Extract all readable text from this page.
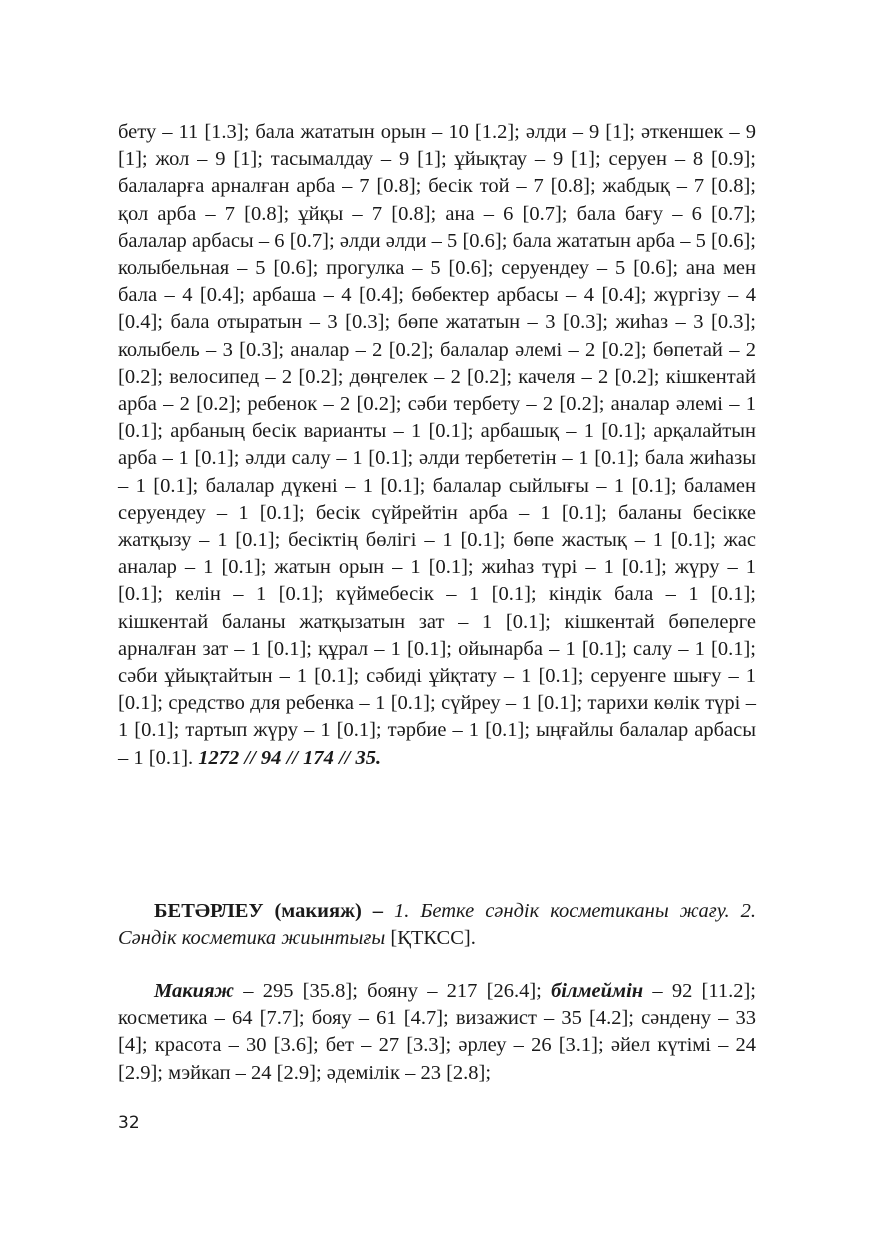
бету – 11 [1.3]; бала жататын орын – 10 [1.2]; әлди – 9 [1]; әткеншек – 9 [1]; жол – 9 [1]; тасымалдау – 9 [1]; ұйықтау – 9 [1]; серуен – 8 [0.9]; балаларға арналған арба – 7 [0.8]; бесік той – 7 [0.8]; жабдық – 7 [0.8]; қол арба – 7 [0.8]; ұйқы – 7 [0.8]; ана – 6 [0.7]; бала бағу – 6 [0.7]; балалар арбасы – 6 [0.7]; әлди әлди – 5 [0.6]; бала жататын арба – 5 [0.6]; колыбельная – 5 [0.6]; прогулка – 5 [0.6]; серуендеу – 5 [0.6]; ана мен бала – 4 [0.4]; арбаша – 4 [0.4]; бөбектер арбасы – 4 [0.4]; жүргізу – 4 [0.4]; бала отыратын – 3 [0.3]; бөпе жататын – 3 [0.3]; жиһаз – 3 [0.3]; колыбель – 3 [0.3]; аналар – 2 [0.2]; балалар әлемі – 2 [0.2]; бөпетай – 2 [0.2]; велосипед – 2 [0.2]; дөңгелек – 2 [0.2]; качеля – 2 [0.2]; кішкентай арба – 2 [0.2]; ребенок – 2 [0.2]; сәби тербету – 2 [0.2]; аналар әлемі – 1 [0.1]; арбаның бесік варианты – 1 [0.1]; арбашық – 1 [0.1]; арқалайтын арба – 1 [0.1]; әлди салу – 1 [0.1]; әлди тербететін – 1 [0.1]; бала жиһазы – 1 [0.1]; балалар дүкені – 1 [0.1]; балалар сыйлығы – 1 [0.1]; баламен серуендеу – 1 [0.1]; бесік сүйрейтін арба – 1 [0.1]; баланы бесікке жатқызу – 1 [0.1]; бесіктің бөлігі – 1 [0.1]; бөпе жастық – 1 [0.1]; жас аналар – 1 [0.1]; жатын орын – 1 [0.1]; жиһаз түрі – 1 [0.1]; жүру – 1 [0.1]; келін – 1 [0.1]; күймебесік – 1 [0.1]; кіндік бала – 1 [0.1]; кішкентай баланы жатқызатын зат – 1 [0.1]; кішкентай бөпелерге арналған зат – 1 [0.1]; құрал – 1 [0.1]; ойынарба – 1 [0.1]; салу – 1 [0.1]; сәби ұйықтайтын – 1 [0.1]; сәбиді ұйқтату – 1 [0.1]; серуенге шығу – 1 [0.1]; средство для ребенка – 1 [0.1]; сүйреу – 1 [0.1]; тарихи көлік түрі – 1 [0.1]; тартып жүру – 1 [0.1]; тәрбие – 1 [0.1]; ыңғайлы балалар арбасы – 1 [0.1]. 1272 // 94 // 174 // 35.

БЕТӘРЛЕУ (макияж) – 1. Бетке сәндік косметиканы жағу. 2. Сәндік косметика жиынтығы [ҚТКСС].

Макияж – 295 [35.8]; бояну – 217 [26.4]; білмеймін – 92 [11.2]; косметика – 64 [7.7]; бояу – 61 [4.7]; визажист – 35 [4.2]; сәндену – 33 [4]; красота – 30 [3.6]; бет – 27 [3.3]; әрлеу – 26 [3.1]; әйел күтімі – 24 [2.9]; мэйкап – 24 [2.9]; әдемілік – 23 [2.8];

32
